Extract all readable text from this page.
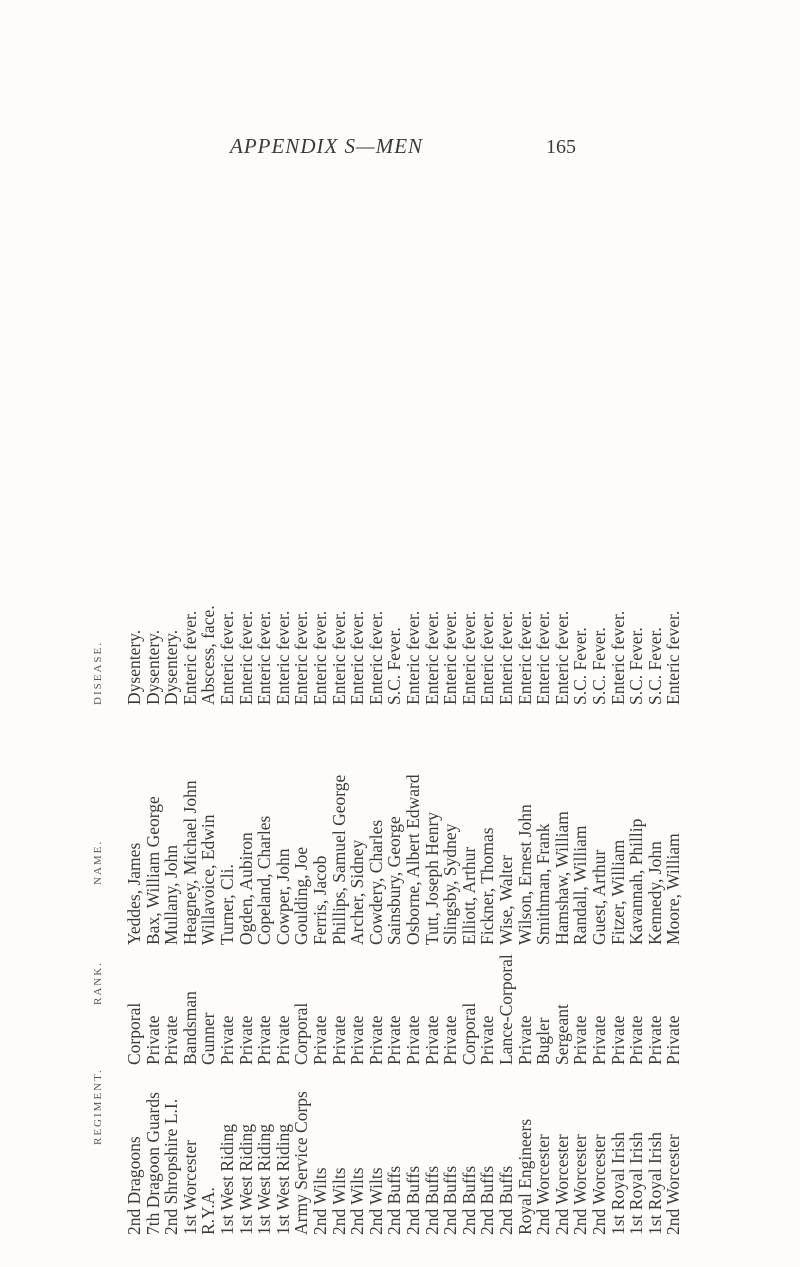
APPENDIX S—MEN	165
REGIMENT.
2nd Dragoons
7th Dragoon Guards
2nd Shropshire L.I.
1st Worcester
R.Y.A.
1st West Riding
1st West Riding
1st West Riding
1st West Riding
Army Service Corps
2nd Wilts
2nd Wilts
2nd Wilts
2nd Wilts
2nd Buffs
2nd Buffs
2nd Buffs
2nd Buffs
2nd Buffs
2nd Buffs
2nd Buffs
Royal Engineers
2nd Worcester
2nd Worcester
2nd Worcester
2nd Worcester
1st Royal Irish
1st Royal Irish
1st Royal Irish
2nd Worcester
RANK.
Corporal
Private
Private
Bandsman
Gunner
Private
Private
Private
Private
Corporal
Private
Private
Private
Private
Private
Private
Private
Private
Corporal
Private
Lance-Corporal
Private
Bugler
Sergeant
Private
Private
Private
Private
Private
Private
NAME. Yeddes, James
Bax, William George
Mullany, John
Heagney, Michael John
Willavoice, Edwin
Turner, Cli.
Ogden, Aubiron
Copeland, Charles
Cowper, John
Goulding, Joe
Ferris, Jacob
Phillips, Samuel George
Archer, Sidney
Cowdery, Charles
Sainsbury, George
Osborne, Albert Edward
Tutt, Joseph Henry
Slingsby, Sydney
Elliott, Arthur
Fickner, Thomas
Wise, Walter
Wilson, Ernest John
Smithman, Frank
Hamshaw, William
Randall, William
Guest, Arthur
Fitzer, William
Kavannah, Phillip
Kennedy, John
Moore, William
DISEASE. Dysentery.
Dysentery.
Dysentery.
Enteric fever.
Abscess, face.
Enteric fever.
Enteric fever.
Enteric fever.
Enteric fever.
Enteric fever.
Enteric fever.
Enteric fever.
Enteric fever.
Enteric fever.
S.C. Fever.
Enteric fever.
Enteric fever.
Enteric fever.
Enteric fever.
Enteric fever.
Enteric fever.
Enteric fever.
Enteric fever.
Enteric fever.
S.C. Fever.
S.C. Fever.
Enteric fever.
S.C. Fever.
S.C. Fever.
Enteric fever.
